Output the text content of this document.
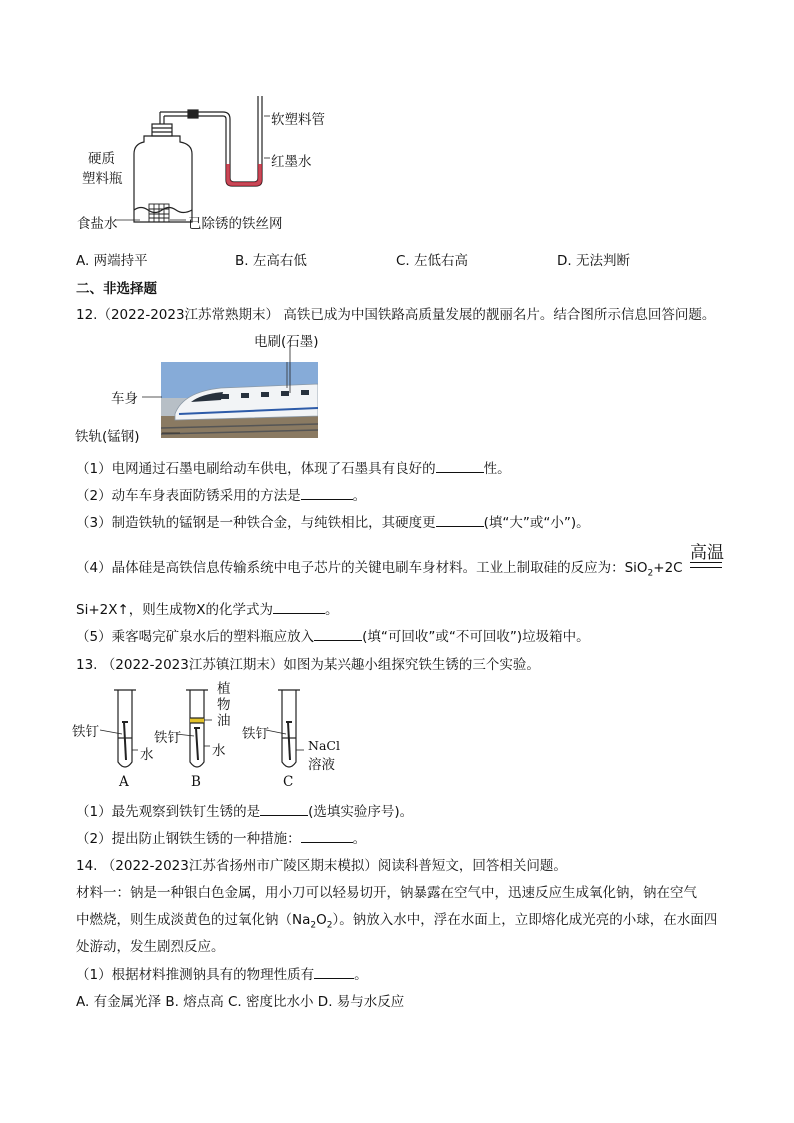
软塑料管
硬质
塑料瓶
红墨水
食盐水	已除锈的铁丝网
A. 两端持平	B. 左高右低	C. 左低右高	D. 无法判断
二、非选择题
12.（2022-2023江苏常熟期末） 高铁已成为中国铁路高质量发展的靓丽名片。结合图所示信息回答问题。
电刷(石墨)
车身
铁轨(锰钢)
（1）电网通过石墨电刷给动车供电，体现了石墨具有良好的	性。
（2）动车车身表面防锈采用的方法是	。
（3）制造铁轨的锰钢是一种铁合金，与纯铁相比，其硬度更	(填“大”或“小”)。
（4）晶体硅是高铁信息传输系统中电子芯片的关键电刷车身材料。工业上制取硅的反应为：SiO$_2$+2C
高温
Si+2X↑，则生成物X的化学式为	。
（5）乘客喝完矿泉水后的塑料瓶应放入	(填“可回收”或“不可回收”)垃圾箱中。
13. （2022-2023江苏镇江期末）如图为某兴趣小组探究铁生锈的三个实验。
铁钉
水
A
植
物
油
铁钉
水
B
铁钉
NaCl
溶液
C
（1）最先观察到铁钉生锈的是	(选填实验序号)。
（2）提出防止钢铁生锈的一种措施：	。
14. （2022-2023江苏省扬州市广陵区期末模拟）阅读科普短文，回答相关问题。
材料一：钠是一种银白色金属，用小刀可以轻易切开，钠暴露在空气中，迅速反应生成氧化钠，钠在空气
中燃烧，则生成淡黄色的过氧化钠$(Na_2O_2)$。钠放入水中，浮在水面上，立即熔化成光亮的小球，在水面四
处游动，发生剧烈反应。
（1）根据材料推测钠具有的物理性质有	。
A. 有金属光泽 B. 熔点高 C. 密度比水小 D. 易与水反应
